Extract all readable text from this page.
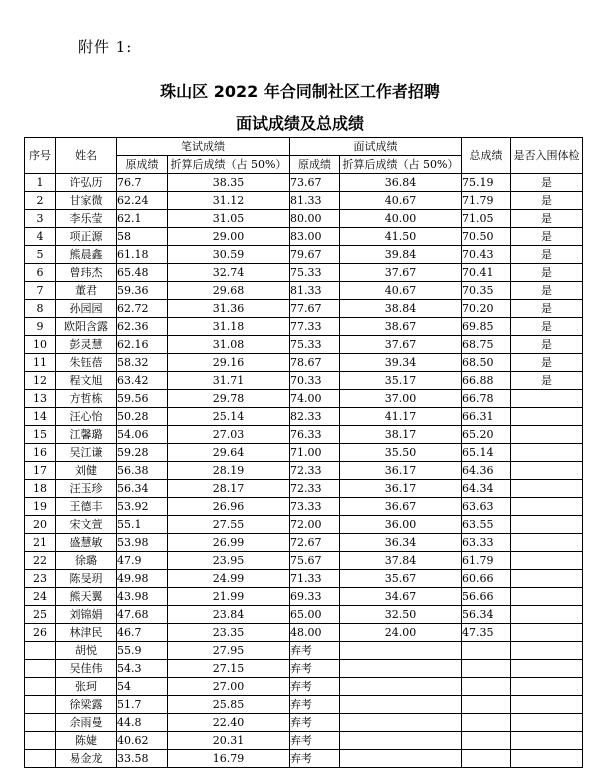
附件 1:
珠山区 2022 年合同制社区工作者招聘
面试成绩及总成绩
序号	姓名	笔试成绩		面试成绩		总成绩	是否入围体检
		原成绩	折算后成绩（占 50%）	原成绩	折算后成绩（占 50%）		
1	许弘历	76.7	38.35	73.67	36.84	75.19	是
2	甘家微	62.24	31.12	81.33	40.67	71.79	是
3	李乐莹	62.1	31.05	80.00	40.00	71.05	是
4	项正源	58	29.00	83.00	41.50	70.50	是
5	熊晨鑫	61.18	30.59	79.67	39.84	70.43	是
6	曾玮杰	65.48	32.74	75.33	37.67	70.41	是
7	董君	59.36	29.68	81.33	40.67	70.35	是
8	孙园园	62.72	31.36	77.67	38.84	70.20	是
9	欧阳含露	62.36	31.18	77.33	38.67	69.85	是
10	彭灵慧	62.16	31.08	75.33	37.67	68.75	是
11	朱钰蓓	58.32	29.16	78.67	39.34	68.50	是
12	程文旭	63.42	31.71	70.33	35.17	66.88	是
13	方哲栋	59.56	29.78	74.00	37.00	66.78	
14	汪心怡	50.28	25.14	82.33	41.17	66.31	
15	江馨璐	54.06	27.03	76.33	38.17	65.20	
16	吴江谦	59.28	29.64	71.00	35.50	65.14	
17	刘健	56.38	28.19	72.33	36.17	64.36	
18	汪玉珍	56.34	28.17	72.33	36.17	64.34	
19	王德丰	53.92	26.96	73.33	36.67	63.63	
20	宋文萱	55.1	27.55	72.00	36.00	63.55	
21	盛慧敏	53.98	26.99	72.67	36.34	63.33	
22	徐璐	47.9	23.95	75.67	37.84	61.79	
23	陈旻玥	49.98	24.99	71.33	35.67	60.66	
24	熊天翼	43.98	21.99	69.33	34.67	56.66	
25	刘锦娟	47.68	23.84	65.00	32.50	56.34	
26	林津民	46.7	23.35	48.00	24.00	47.35	
	胡悦	55.9	27.95	弃考			
	吴佳伟	54.3	27.15	弃考			
	张珂	54	27.00	弃考			
	徐梁露	51.7	25.85	弃考			
	余雨曼	44.8	22.40	弃考			
	陈婕	40.62	20.31	弃考			
	易金龙	33.58	16.79	弃考			
